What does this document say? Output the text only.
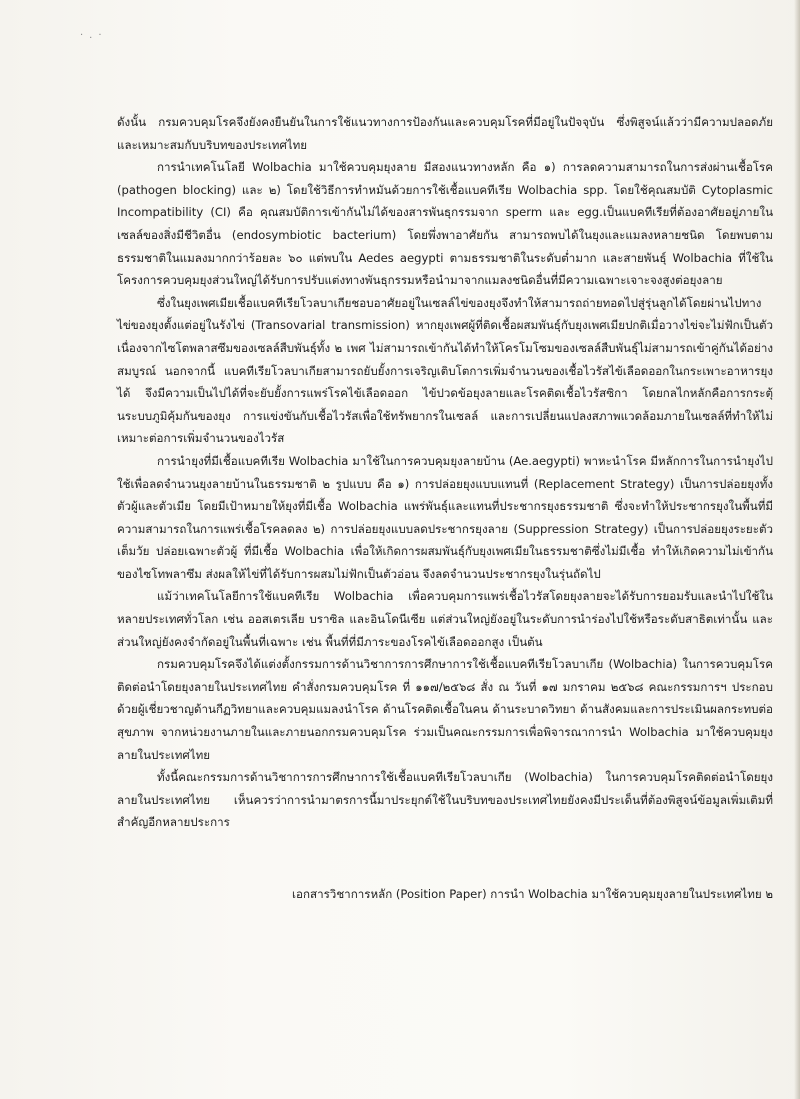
·.·

ดังนั้น กรมควบคุมโรคจึงยังคงยืนยันในการใช้แนวทางการป้องกันและควบคุมโรคที่มีอยู่ในปัจจุบัน ซึ่งพิสูจน์แล้วว่ามีความปลอดภัยและเหมาะสมกับบริบทของประเทศไทย

การนำเทคโนโลยี Wolbachia มาใช้ควบคุมยุงลาย มีสองแนวทางหลัก คือ ๑) การลดความสามารถในการส่งผ่านเชื้อโรค (pathogen blocking) และ ๒) โดยใช้วิธีการทำหมันด้วยการใช้เชื้อแบคทีเรีย Wolbachia spp. โดยใช้คุณสมบัติ Cytoplasmic Incompatibility (CI) คือ คุณสมบัติการเข้ากันไม่ได้ของสารพันธุกรรมจาก sperm และ egg.เป็นแบคทีเรียที่ต้องอาศัยอยู่ภายในเซลล์ของสิ่งมีชีวิตอื่น (endosymbiotic bacterium) โดยพึ่งพาอาศัยกัน สามารถพบได้ในยุงและแมลงหลายชนิด โดยพบตามธรรมชาติในแมลงมากกว่าร้อยละ ๖๐ แต่พบใน Aedes aegypti ตามธรรมชาติในระดับต่ำมาก และสายพันธุ์ Wolbachia ที่ใช้ในโครงการควบคุมยุงส่วนใหญ่ได้รับการปรับแต่งทางพันธุกรรมหรือนำมาจากแมลงชนิดอื่นที่มีความเฉพาะเจาะจงสูงต่อยุงลาย

ซึ่งในยุงเพศเมียเชื้อแบคทีเรียโวลบาเกียชอบอาศัยอยู่ในเซลล์ไข่ของยุงจึงทำให้สามารถถ่ายทอดไปสู่รุ่นลูกได้โดยผ่านไปทางไข่ของยุงตั้งแต่อยู่ในรังไข่ (Transovarial transmission) หากยุงเพศผู้ที่ติดเชื้อผสมพันธุ์กับยุงเพศเมียปกติเมื่อวางไข่จะไม่ฟักเป็นตัว เนื่องจากไซโตพลาสซึมของเซลล์สืบพันธุ์ทั้ง ๒ เพศ ไม่สามารถเข้ากันได้ทำให้โครโมโซมของเซลล์สืบพันธุ์ไม่สามารถเข้าคู่กันได้อย่างสมบูรณ์ นอกจากนี้ แบคทีเรียโวลบาเกียสามารถยับยั้งการเจริญเติบโตการเพิ่มจำนวนของเชื้อไวรัสไข้เลือดออกในกระเพาะอาหารยุงได้ จึงมีความเป็นไปได้ที่จะยับยั้งการแพร่โรคไข้เลือดออก ไข้ปวดข้อยุงลายและโรคติดเชื้อไวรัสซิกา โดยกลไกหลักคือการกระตุ้นระบบภูมิคุ้มกันของยุง การแข่งขันกับเชื้อไวรัสเพื่อใช้ทรัพยากรในเซลล์ และการเปลี่ยนแปลงสภาพแวดล้อมภายในเซลล์ที่ทำให้ไม่เหมาะต่อการเพิ่มจำนวนของไวรัส

การนำยุงที่มีเชื้อแบคทีเรีย Wolbachia มาใช้ในการควบคุมยุงลายบ้าน (Ae.aegypti) พาหะนำโรค มีหลักการในการนำยุงไปใช้เพื่อลดจำนวนยุงลายบ้านในธรรมชาติ ๒ รูปแบบ คือ ๑) การปล่อยยุงแบบแทนที่ (Replacement Strategy) เป็นการปล่อยยุงทั้งตัวผู้และตัวเมีย โดยมีเป้าหมายให้ยุงที่มีเชื้อ Wolbachia แพร่พันธุ์และแทนที่ประชากรยุงธรรมชาติ ซึ่งจะทำให้ประชากรยุงในพื้นที่มีความสามารถในการแพร่เชื้อโรคลดลง ๒) การปล่อยยุงแบบลดประชากรยุงลาย (Suppression Strategy) เป็นการปล่อยยุงระยะตัวเต็มวัย ปล่อยเฉพาะตัวผู้ ที่มีเชื้อ Wolbachia เพื่อให้เกิดการผสมพันธุ์กับยุงเพศเมียในธรรมชาติซึ่งไม่มีเชื้อ ทำให้เกิดความไม่เข้ากันของไซโทพลาซึม ส่งผลให้ไข่ที่ได้รับการผสมไม่ฟักเป็นตัวอ่อน จึงลดจำนวนประชากรยุงในรุ่นถัดไป

แม้ว่าเทคโนโลยีการใช้แบคทีเรีย Wolbachia เพื่อควบคุมการแพร่เชื้อไวรัสโดยยุงลายจะได้รับการยอมรับและนำไปใช้ในหลายประเทศทั่วโลก เช่น ออสเตรเลีย บราซิล และอินโดนีเซีย แต่ส่วนใหญ่ยังอยู่ในระดับการนำร่องไปใช้หรือระดับสาธิตเท่านั้น และส่วนใหญ่ยังคงจำกัดอยู่ในพื้นที่เฉพาะ เช่น พื้นที่ที่มีภาระของโรคไข้เลือดออกสูง เป็นต้น

กรมควบคุมโรคจึงได้แต่งตั้งกรรมการด้านวิชาการการศึกษาการใช้เชื้อแบคทีเรียโวลบาเกีย (Wolbachia) ในการควบคุมโรคติดต่อนำโดยยุงลายในประเทศไทย คำสั่งกรมควบคุมโรค ที่ ๑๑๗/๒๕๖๘ สั่ง ณ วันที่ ๑๗ มกราคม ๒๕๖๘ คณะกรรมการฯ ประกอบด้วยผู้เชี่ยวชาญด้านกีฏวิทยาและควบคุมแมลงนำโรค ด้านโรคติดเชื้อในคน ด้านระบาดวิทยา ด้านสังคมและการประเมินผลกระทบต่อสุขภาพ จากหน่วยงานภายในและภายนอกกรมควบคุมโรค ร่วมเป็นคณะกรรมการเพื่อพิจารณาการนำ Wolbachia มาใช้ควบคุมยุงลายในประเทศไทย

ทั้งนี้คณะกรรมการด้านวิชาการการศึกษาการใช้เชื้อแบคทีเรียโวลบาเกีย (Wolbachia) ในการควบคุมโรคติดต่อนำโดยยุงลายในประเทศไทย เห็นควรว่าการนำมาตรการนี้มาประยุกต์ใช้ในบริบทของประเทศไทยยังคงมีประเด็นที่ต้องพิสูจน์ข้อมูลเพิ่มเติมที่สำคัญอีกหลายประการ

เอกสารวิชาการหลัก (Position Paper) การนำ Wolbachia มาใช้ควบคุมยุงลายในประเทศไทย ๒
